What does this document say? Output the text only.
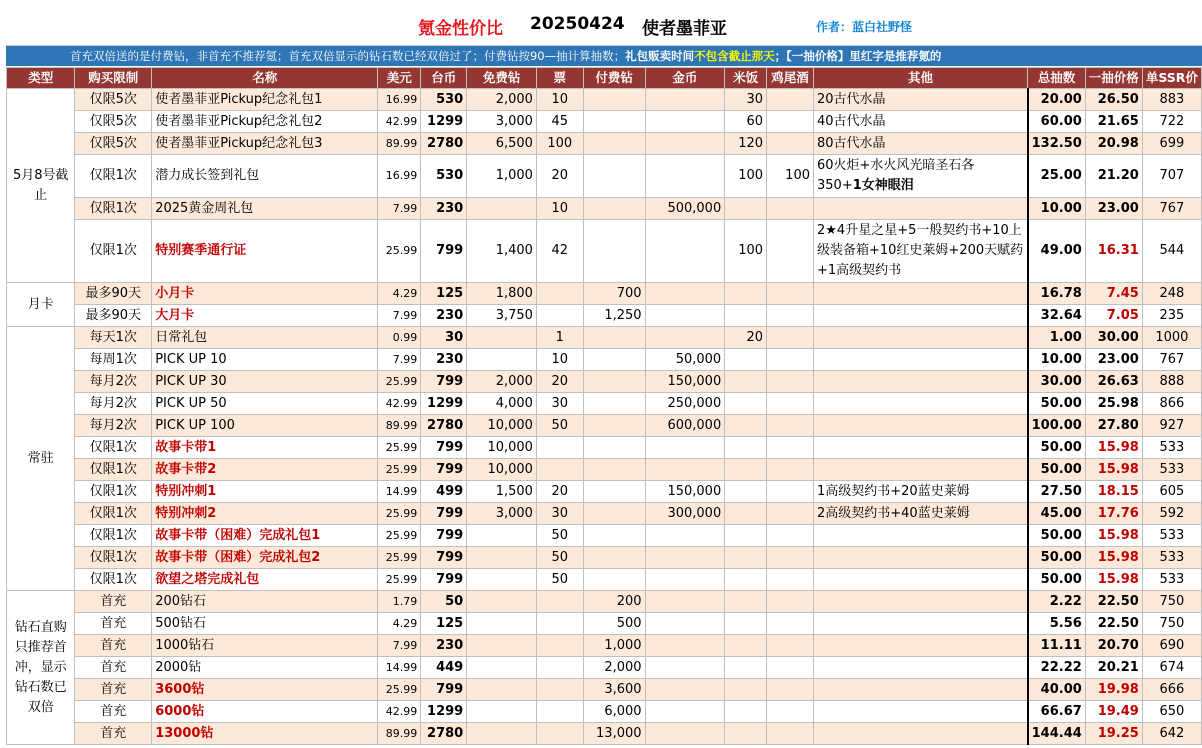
氪金性价比 20250424 使者墨菲亚	作者：蓝白社野怪
首充双倍送的是付费钻，非首充不推荐氪；首充双倍显示的钻石数已经双倍过了；付费钻按90—抽计算抽数；礼包贩卖时间不包含截止那天；【一抽价格】里红字是推荐氪的
类型	购买限制	名称	美元	台币	免费钻	票	付费钻	金币	米饭	鸡尾酒	其他	总抽数	一抽价格	单SSR价
5月8号截止	仅限5次	使者墨菲亚Pickup纪念礼包1	16.99	530	2,000	10			30		20古代水晶	20.00	26.50	883
	仅限5次	使者墨菲亚Pickup纪念礼包2	42.99	1299	3,000	45			60		40古代水晶	60.00	21.65	722
	仅限5次	使者墨菲亚Pickup纪念礼包3	89.99	2780	6,500	100			120		80古代水晶	132.50	20.98	699
	仅限1次	潜力成长签到礼包	16.99	530	1,000	20			100	100	60火炬+水火风光暗圣石各
350+1女神眼泪	25.00	21.20	707
	仅限1次	2025黄金周礼包	7.99	230		10		500,000				10.00	23.00	767
	仅限1次	特别赛季通行证	25.99	799	1,400	42			100		2★4升星之星+5一般契约书+10上级装备箱+10红史莱姆+200天赋药+1高级契约书	49.00	16.31	544
月卡	最多90天	小月卡	4.29	125	1,800		700					16.78	7.45	248
	最多90天	大月卡	7.99	230	3,750		1,250					32.64	7.05	235
常驻	每天1次	日常礼包	0.99	30		1			20			1.00	30.00	1000
	每周1次	PICK UP 10	7.99	230		10		50,000				10.00	23.00	767
	每月2次	PICK UP 30	25.99	799	2,000	20		150,000				30.00	26.63	888
	每月2次	PICK UP 50	42.99	1299	4,000	30		250,000				50.00	25.98	866
	每月2次	PICK UP 100	89.99	2780	10,000	50		600,000				100.00	27.80	927
	仅限1次	故事卡带1	25.99	799	10,000							50.00	15.98	533
	仅限1次	故事卡带2	25.99	799	10,000							50.00	15.98	533
	仅限1次	特别冲刺1	14.99	499	1,500	20		150,000			1高级契约书+20蓝史莱姆	27.50	18.15	605
	仅限1次	特别冲刺2	25.99	799	3,000	30		300,000			2高级契约书+40蓝史莱姆	45.00	17.76	592
	仅限1次	故事卡带（困难）完成礼包1	25.99	799		50						50.00	15.98	533
	仅限1次	故事卡带（困难）完成礼包2	25.99	799		50						50.00	15.98	533
	仅限1次	欲望之塔完成礼包	25.99	799		50						50.00	15.98	533
钻石直购只推荐首冲，显示钻石数已双倍	首充	200钻石	1.79	50			200					2.22	22.50	750
	首充	500钻石	4.29	125			500					5.56	22.50	750
	首充	1000钻石	7.99	230			1,000					11.11	20.70	690
	首充	2000钻	14.99	449			2,000					22.22	20.21	674
	首充	3600钻	25.99	799			3,600					40.00	19.98	666
	首充	6000钻	42.99	1299			6,000					66.67	19.49	650
	首充	13000钻	89.99	2780			13,000					144.44	19.25	642
